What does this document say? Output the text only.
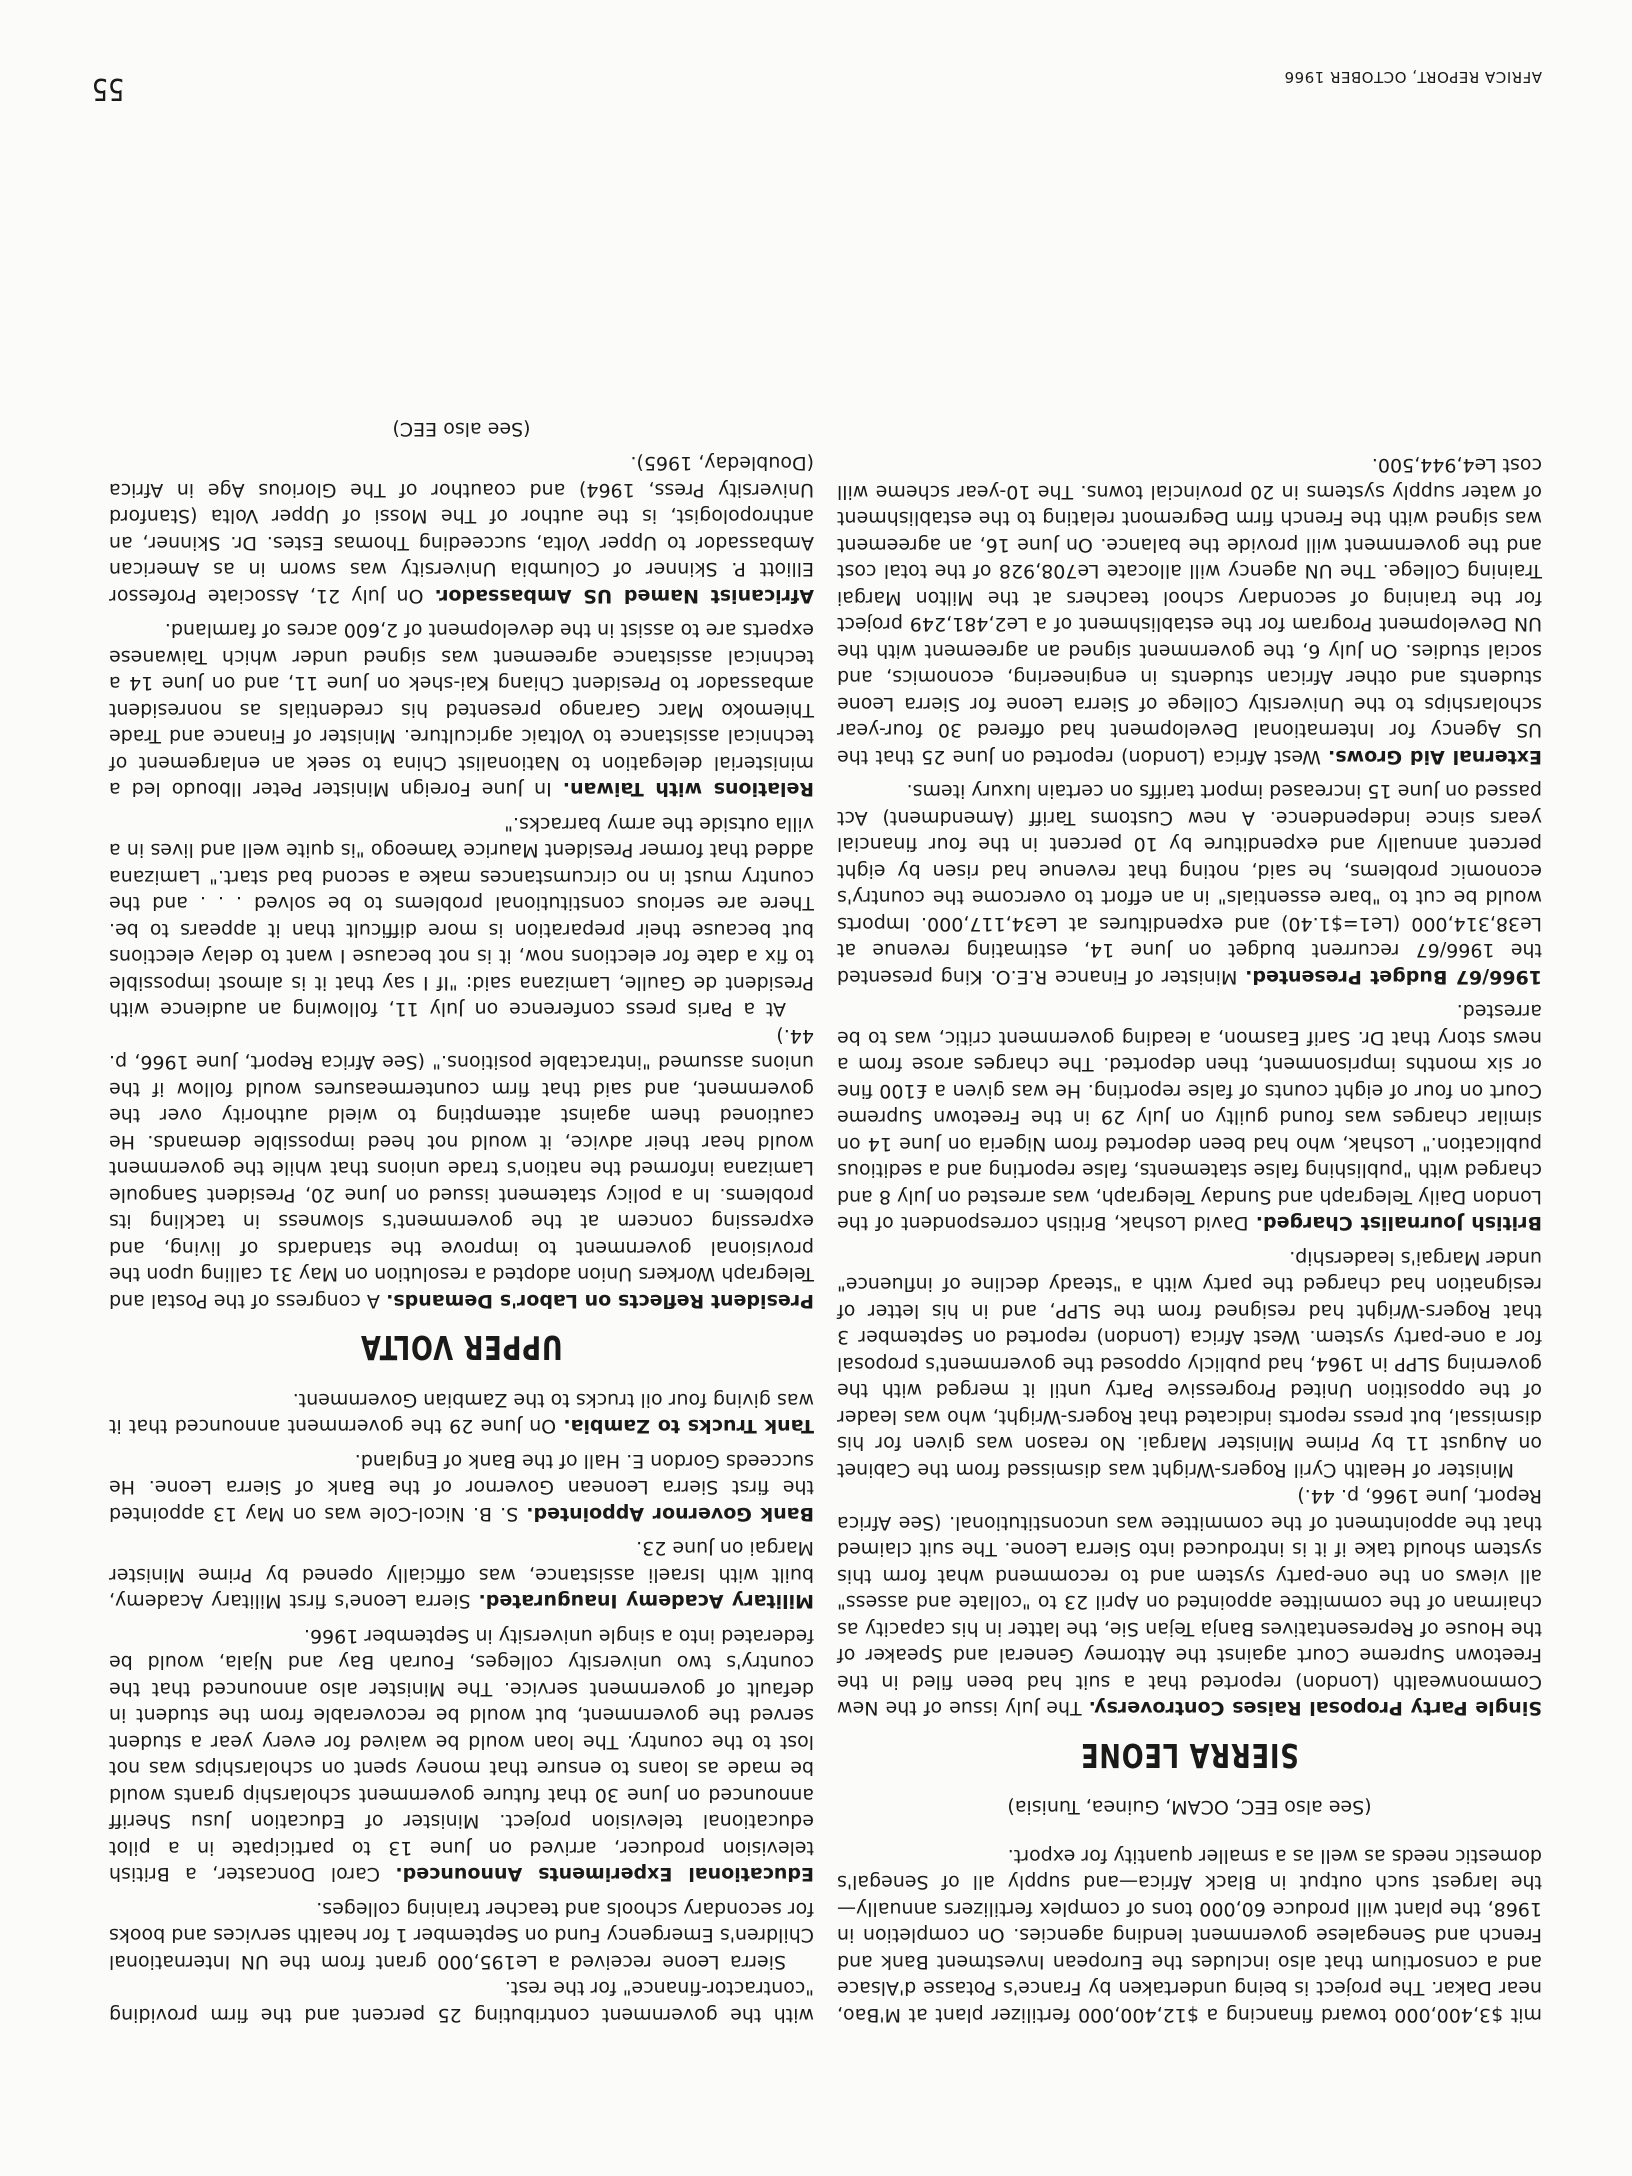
AFRICA REPORT, OCTOBER 1966
55

mit $3,400,000 toward financing a $12,400,000 fertilizer plant at M'Bao, near Dakar. The project is being undertaken by France's Potasse d'Alsace and a consortium that also includes the European Investment Bank and French and Senegalese government lending agencies. On completion in 1968, the plant will produce 60,000 tons of complex fertilizers annually—the largest such output in Black Africa—and supply all of Senegal's domestic needs as well as a smaller quantity for export.

(See also EEC, OCAM, Guinea, Tunisia)

SIERRA LEONE

Single Party Proposal Raises Controversy. The July issue of the New Commonwealth (London) reported that a suit had been filed in the Freetown Supreme Court against the Attorney General and Speaker of the House of Representatives Banja Tejan Sie, the latter in his capacity as chairman of the committee appointed on April 23 to "collate and assess" all views on the one-party system and to recommend what form this system should take if it is introduced into Sierra Leone. The suit claimed that the appointment of the committee was unconstitutional. (See Africa Report, June 1966, p. 44.)

Minister of Health Cyril Rogers-Wright was dismissed from the Cabinet on August 11 by Prime Minister Margai. No reason was given for his dismissal, but press reports indicated that Rogers-Wright, who was leader of the opposition United Progressive Party until it merged with the governing SLPP in 1964, had publicly opposed the government's proposal for a one-party system. West Africa (London) reported on September 3 that Rogers-Wright had resigned from the SLPP, and in his letter of resignation had charged the party with a "steady decline of influence" under Margai's leadership.

British Journalist Charged. David Loshak, British correspondent of the London Daily Telegraph and Sunday Telegraph, was arrested on July 8 and charged with "publishing false statements, false reporting and a seditious publication." Loshak, who had been deported from Nigeria on June 14 on similar charges was found guilty on July 29 in the Freetown Supreme Court on four of eight counts of false reporting. He was given a £100 fine or six months imprisonment, then deported. The charges arose from a news story that Dr. Sarif Easmon, a leading government critic, was to be arrested.

1966/67 Budget Presented. Minister of Finance R.E.O. King presented the 1966/67 recurrent budget on June 14, estimating revenue at Le38,314,000 (Le1=$1.40) and expenditures at Le34,117,000. Imports would be cut to "bare essentials" in an effort to overcome the country's economic problems, he said, noting that revenue had risen by eight percent annually and expenditure by 10 percent in the four financial years since independence. A new Customs Tariff (Amendment) Act passed on June 15 increased import tariffs on certain luxury items.

External Aid Grows. West Africa (London) reported on June 25 that the US Agency for International Development had offered 30 four-year scholarships to the University College of Sierra Leone for Sierra Leone students and other African students in engineering, economics, and social studies. On July 6, the government signed an agreement with the UN Development Program for the establishment of a Le2,481,249 project for the training of secondary school teachers at the Milton Margai Training College. The UN agency will allocate Le708,928 of the total cost and the government will provide the balance. On June 16, an agreement was signed with the French firm Degremont relating to the establishment of water supply systems in 20 provincial towns. The 10-year scheme will cost Le4,944,500.

with the government contributing 25 percent and the firm providing "contractor-finance" for the rest.

Sierra Leone received a Le195,000 grant from the UN International Children's Emergency Fund on September 1 for health services and books for secondary schools and teacher training colleges.

Educational Experiments Announced. Carol Doncaster, a British television producer, arrived on June 13 to participate in a pilot educational television project. Minister of Education Jusu Sheriff announced on June 30 that future government scholarship grants would be made as loans to ensure that money spent on scholarships was not lost to the country. The loan would be waived for every year a student served the government, but would be recoverable from the student in default of government service. The Minister also announced that the country's two university colleges, Fourah Bay and Njala, would be federated into a single university in September 1966.

Military Academy Inaugurated. Sierra Leone's first Military Academy, built with Israeli assistance, was officially opened by Prime Minister Margai on June 23.

Bank Governor Appointed. S. B. Nicol-Cole was on May 13 appointed the first Sierra Leonean Governor of the Bank of Sierra Leone. He succeeds Gordon E. Hall of the Bank of England.

Tank Trucks to Zambia. On June 29 the government announced that it was giving four oil trucks to the Zambian Government.

UPPER VOLTA

President Reflects on Labor's Demands. A congress of the Postal and Telegraph Workers Union adopted a resolution on May 31 calling upon the provisional government to improve the standards of living, and expressing concern at the government's slowness in tackling its problems. In a policy statement issued on June 20, President Sangoule Lamizana informed the nation's trade unions that while the government would hear their advice, it would not heed impossible demands. He cautioned them against attempting to wield authority over the government, and said that firm countermeasures would follow if the unions assumed "intractable positions." (See Africa Report, June 1966, p. 44.)

At a Paris press conference on July 11, following an audience with President de Gaulle, Lamizana said: "If I say that it is almost impossible to fix a date for elections now, it is not because I want to delay elections but because their preparation is more difficult than it appears to be. There are serious constitutional problems to be solved . . . and the country must in no circumstances make a second bad start." Lamizana added that former President Maurice Yameogo "is quite well and lives in a villa outside the army barracks."

Relations with Taiwan. In June Foreign Minister Peter Ilboudo led a ministerial delegation to Nationalist China to seek an enlargement of technical assistance to Voltaic agriculture. Minister of Finance and Trade Thiemoko Marc Garango presented his credentials as nonresident ambassador to President Chiang Kai-shek on June 11, and on June 14 a technical assistance agreement was signed under which Taiwanese experts are to assist in the development of 2,600 acres of farmland.

Africanist Named US Ambassador. On July 21, Associate Professor Elliott P. Skinner of Columbia University was sworn in as American Ambassador to Upper Volta, succeeding Thomas Estes. Dr. Skinner, an anthropologist, is the author of The Mossi of Upper Volta (Stanford University Press, 1964) and coauthor of The Glorious Age in Africa (Doubleday, 1965).

(See also EEC)
